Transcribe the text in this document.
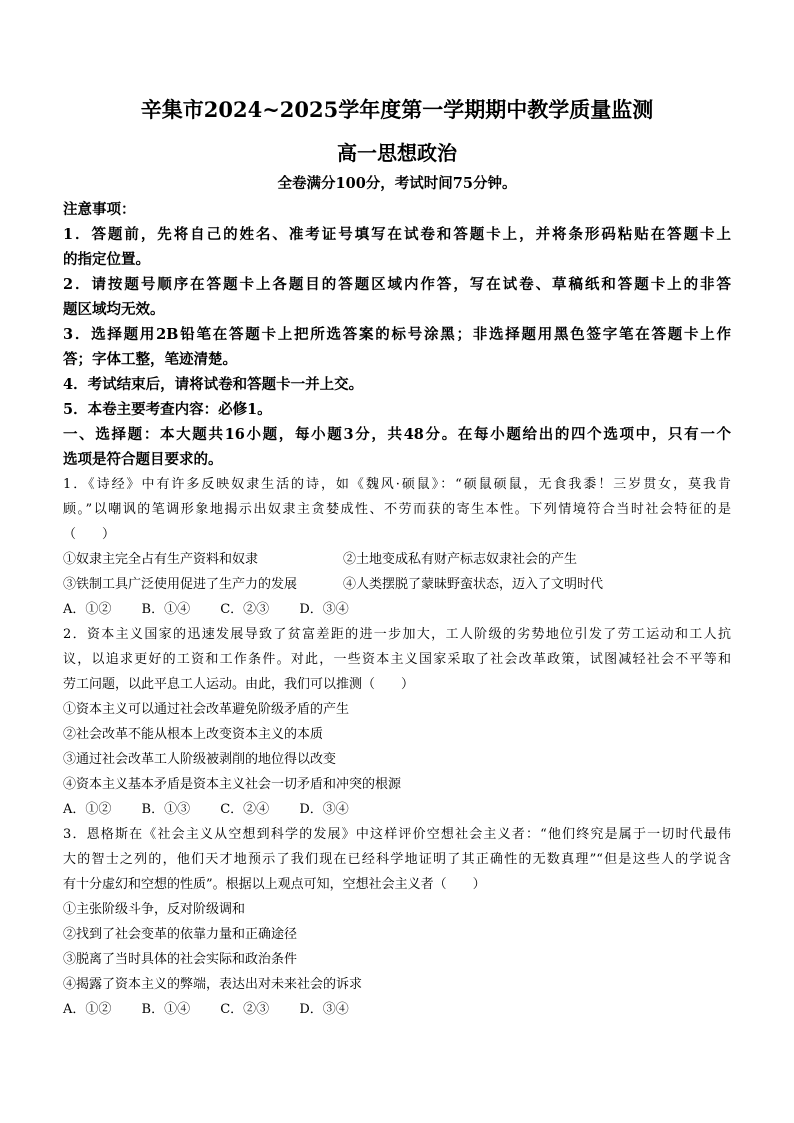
辛集市2024~2025学年度第一学期期中教学质量监测
高一思想政治
全卷满分100分，考试时间75分钟。
注意事项：
1．答题前，先将自己的姓名、准考证号填写在试卷和答题卡上，并将条形码粘贴在答题卡上
的指定位置。
2．请按题号顺序在答题卡上各题目的答题区域内作答，写在试卷、草稿纸和答题卡上的非答
题区域均无效。
3．选择题用2B铅笔在答题卡上把所选答案的标号涂黑；非选择题用黑色签字笔在答题卡上作
答；字体工整，笔迹清楚。
4．考试结束后，请将试卷和答题卡一并上交。
5．本卷主要考查内容：必修1。
一、选择题：本大题共16小题，每小题3分，共48分。在每小题给出的四个选项中，只有一个
选项是符合题目要求的。
1．《诗经》中有许多反映奴隶生活的诗，如《魏风·硕鼠》：“硕鼠硕鼠，无食我黍！三岁贯女，莫我肯
顾。”以嘲讽的笔调形象地揭示出奴隶主贪婪成性、不劳而获的寄生本性。下列情境符合当时社会特征的是
（　　）
①奴隶主完全占有生产资料和奴隶	②土地变成私有财产标志奴隶社会的产生
③铁制工具广泛使用促进了生产力的发展	④人类摆脱了蒙昧野蛮状态，迈入了文明时代
A．①② B．①④ C．②③ D．③④
2．资本主义国家的迅速发展导致了贫富差距的进一步加大，工人阶级的劣势地位引发了劳工运动和工人抗
议，以追求更好的工资和工作条件。对此，一些资本主义国家采取了社会改革政策，试图减轻社会不平等和
劳工问题，以此平息工人运动。由此，我们可以推测（　　）
①资本主义可以通过社会改革避免阶级矛盾的产生
②社会改革不能从根本上改变资本主义的本质
③通过社会改革工人阶级被剥削的地位得以改变
④资本主义基本矛盾是资本主义社会一切矛盾和冲突的根源
A．①② B．①③ C．②④ D．③④
3．恩格斯在《社会主义从空想到科学的发展》中这样评价空想社会主义者：“他们终究是属于一切时代最伟
大的智士之列的，他们天才地预示了我们现在已经科学地证明了其正确性的无数真理”“但是这些人的学说含
有十分虚幻和空想的性质”。根据以上观点可知，空想社会主义者（　　）
①主张阶级斗争，反对阶级调和
②找到了社会变革的依靠力量和正确途径
③脱离了当时具体的社会实际和政治条件
④揭露了资本主义的弊端，表达出对未来社会的诉求
A．①② B．①④ C．②③ D．③④
